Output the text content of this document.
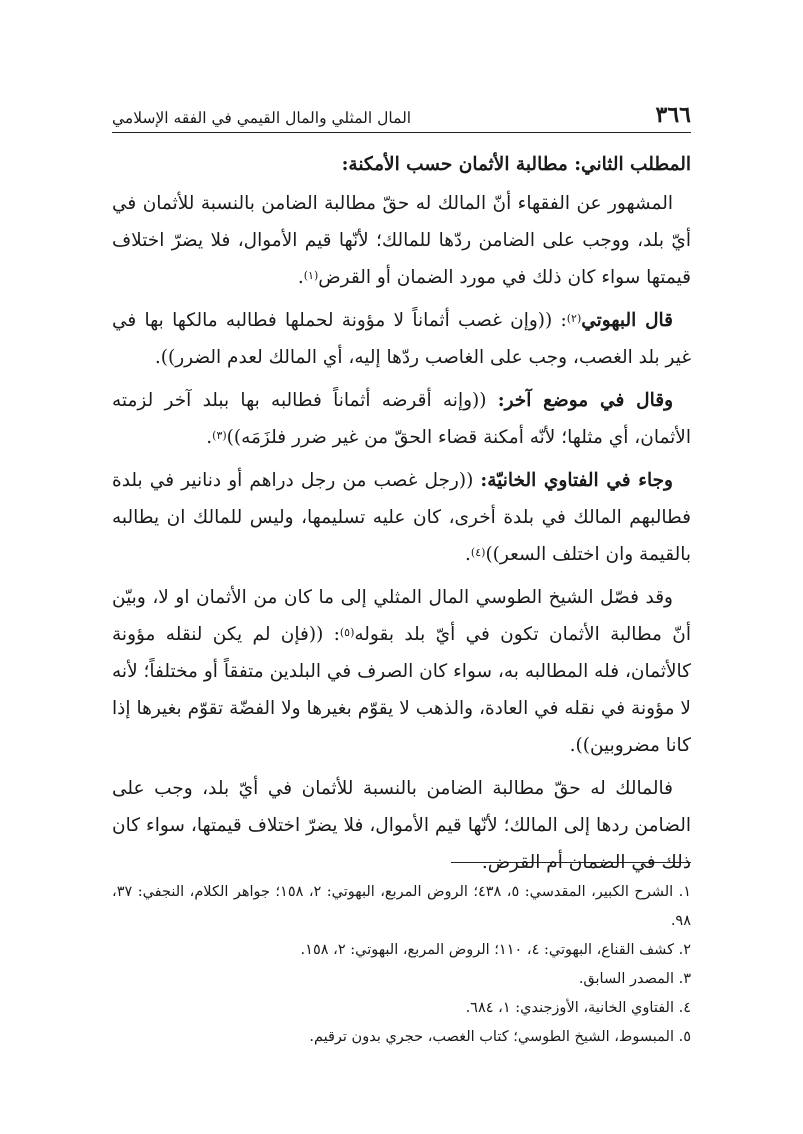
٣٦٦
المال المثلي والمال القيمي في الفقه الإسلامي
المطلب الثاني: مطالبة الأثمان حسب الأمكنة:

المشهور عن الفقهاء أنّ المالك له حقّ مطالبة الضامن بالنسبة للأثمان في أيّ بلد، ووجب على الضامن ردّها للمالك؛ لأنّها قيم الأموال، فلا يضرّ اختلاف قيمتها سواء كان ذلك في مورد الضمان أو القرض$^{(١)}$.

قال البهوتي$^{(٢)}$: ((وإن غصب أثماناً لا مؤونة لحملها فطالبه مالكها بها في غير بلد الغصب، وجب على الغاصب ردّها إليه، أي المالك لعدم الضرر)).

وقال في موضع آخر: ((وإنه أقرضه أثماناً فطالبه بها ببلد آخر لزمته الأثمان، أي مثلها؛ لأنّه أمكنة قضاء الحقّ من غير ضرر فلزَمَه))$^{(٣)}$.

وجاء في الفتاوي الخانيّة: ((رجل غصب من رجل دراهم أو دنانير في بلدة فطالبهم المالك في بلدة أخرى، كان عليه تسليمها، وليس للمالك ان يطالبه بالقيمة وان اختلف السعر))$^{(٤)}$.

وقد فصّل الشيخ الطوسي المال المثلي إلى ما كان من الأثمان او لا، وبيّن أنّ مطالبة الأثمان تكون في أيّ بلد بقوله$^{(٥)}$: ((فإن لم يكن لنقله مؤونة كالأثمان، فله المطالبه به، سواء كان الصرف في البلدين متفقاً أو مختلفاً؛ لأنه لا مؤونة في نقله في العادة، والذهب لا يقوّم بغيرها ولا الفضّة تقوّم بغيرها إذا كانا مضروبين)).

فالمالك له حقّ مطالبة الضامن بالنسبة للأثمان في أيّ بلد، وجب على الضامن ردها إلى المالك؛ لأنّها قيم الأموال، فلا يضرّ اختلاف قيمتها، سواء كان ذلك في الضمان أم القرض.

١. الشرح الكبير، المقدسي: ٥، ٤٣٨؛ الروض المربع، البهوتي: ٢، ١٥٨؛ جواهر الكلام، النجفي: ٣٧، ٩٨.

٢. كشف القناع، البهوتي: ٤، ١١٠؛ الروض المربع، البهوتي: ٢، ١٥٨.

٣. المصدر السابق.

٤. الفتاوي الخانية، الأوزجندي: ١، ٦٨٤.

٥. المبسوط، الشيخ الطوسي؛ كتاب الغصب، حجري بدون ترقيم.
